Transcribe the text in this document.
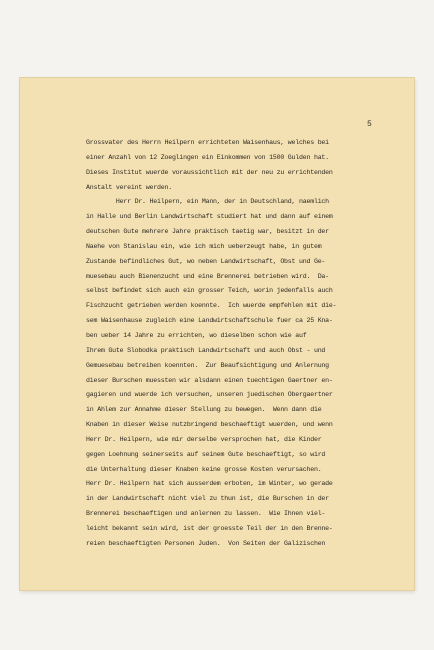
5
Grossvater des Herrn Heilpern errichteten Waisenhaus, welches bei
einer Anzahl von 12 Zoeglingen ein Einkommen von 1500 Gulden hat.
Dieses Institut wuerde voraussichtlich mit der neu zu errichtenden
Anstalt vereint werden.
Herr Dr. Heilpern, ein Mann, der in Deutschland, naemlich
in Halle und Berlin Landwirtschaft studiert hat und dann auf einem
deutschen Gute mehrere Jahre praktisch taetig war, besitzt in der
Naehe von Stanislau ein, wie ich mich ueberzeugt habe, in gutem
Zustande befindliches Gut, wo neben Landwirtschaft, Obst und Ge-
muesebau auch Bienenzucht und eine Brennerei betrieben wird.  Da-
selbst befindet sich auch ein grosser Teich, worin jedenfalls auch
Fischzucht getrieben werden koennte.  Ich wuerde empfehlen mit die-
sem Waisenhause zugleich eine Landwirtschaftschule fuer ca 25 Kna-
ben ueber 14 Jahre zu errichten, wo dieselben schon wie auf
Ihrem Gute Slobodka praktisch Landwirtschaft und auch Obst - und
Gemuesebau betreiben koennten.  Zur Beaufsichtigung und Anlernung
dieser Burschen muessten wir alsdann einen tuechtigen Gaertner en-
gagieren und wuerde ich versuchen, unseren juedischen Obergaertner
in Ahlem zur Annahme dieser Stellung zu bewegen.  Wenn dann die
Knaben in dieser Weise nutzbringend beschaeftigt wuerden, und wenn
Herr Dr. Heilpern, wie mir derselbe versprochen hat, die Kinder
gegen Loehnung seinerseits auf seinem Gute beschaeftigt, so wird
die Unterhaltung dieser Knaben keine grosse Kosten verursachen.
Herr Dr. Heilpern hat sich ausserdem erboten, im Winter, wo gerade
in der Landwirtschaft nicht viel zu thun ist, die Burschen in der
Brennerei beschaeftigen und anlernen zu lassen.  Wie Ihnen viel-
leicht bekannt sein wird, ist der groesste Teil der in den Brenne-
reien beschaeftigten Personen Juden.  Von Seiten der Galizischen
